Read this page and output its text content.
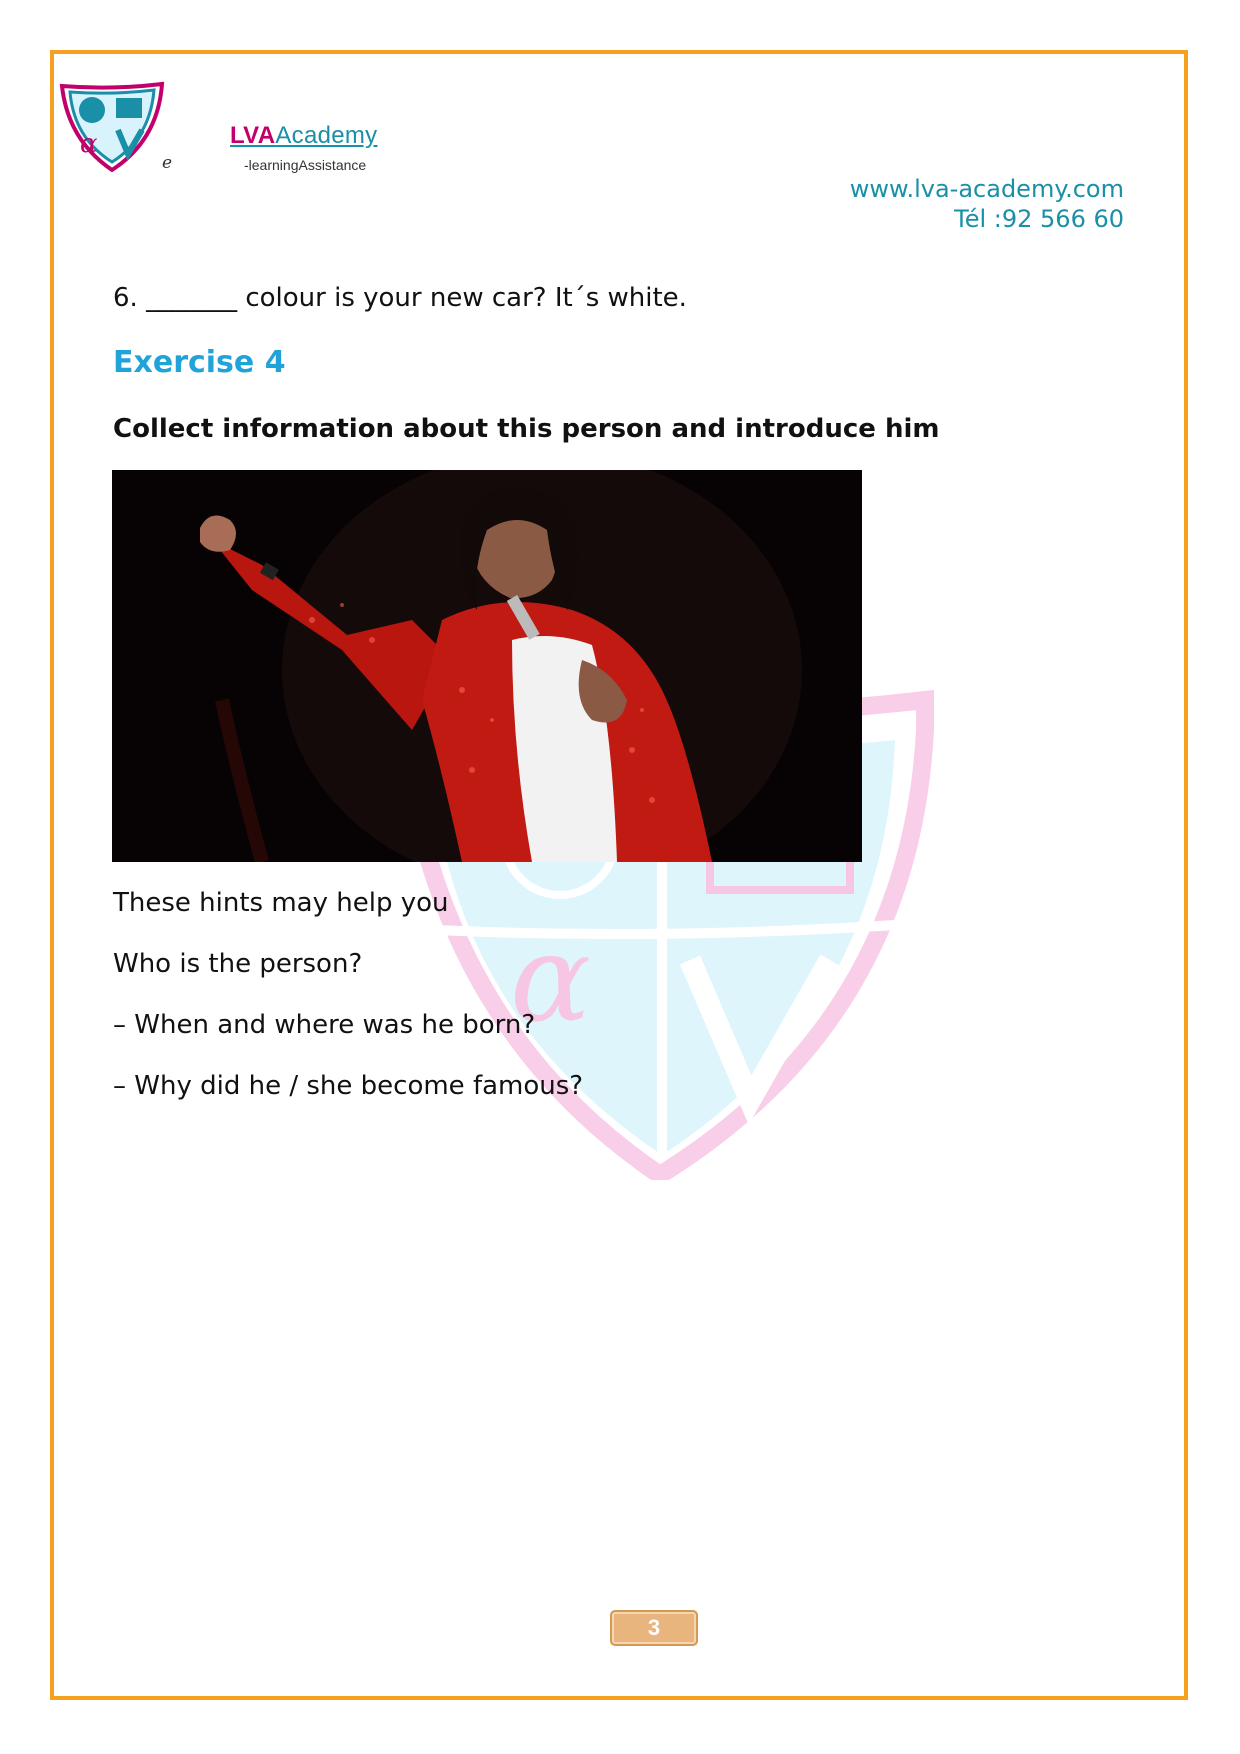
α
α
e
LVAAcademy
-learningAssistance
www.lva-academy.com
Tél :92 566 60
6. _______ colour is your new car? It´s white.
Exercise 4
Collect information about this person and introduce him
These hints may help you
Who is the person?
– When and where was he born?
– Why did he / she become famous?
3
